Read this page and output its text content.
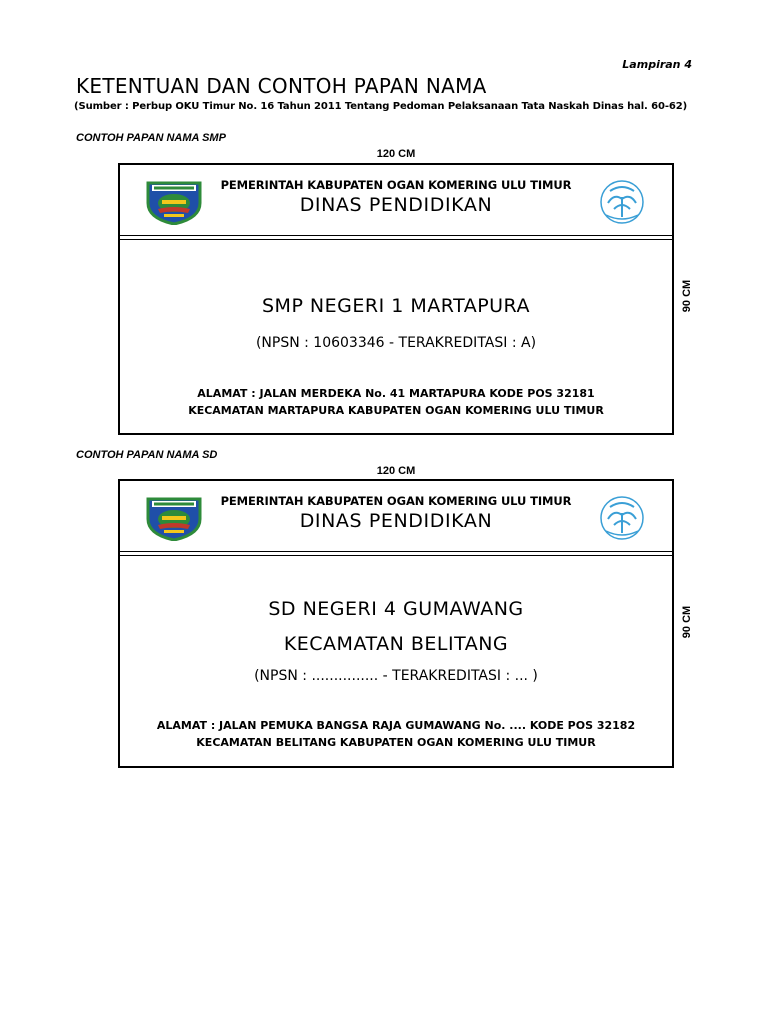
Lampiran 4
KETENTUAN DAN CONTOH PAPAN NAMA
(Sumber : Perbup OKU Timur No. 16 Tahun 2011 Tentang Pedoman Pelaksanaan Tata Naskah Dinas hal. 60-62)
CONTOH PAPAN NAMA SMP
120 CM
90 CM
PEMERINTAH KABUPATEN OGAN KOMERING ULU TIMUR
DINAS PENDIDIKAN
SMP NEGERI 1 MARTAPURA
(NPSN : 10603346 - TERAKREDITASI : A)
ALAMAT : JALAN MERDEKA No. 41 MARTAPURA KODE POS 32181
KECAMATAN MARTAPURA KABUPATEN OGAN KOMERING ULU TIMUR
CONTOH PAPAN NAMA SD
120 CM
90 CM
PEMERINTAH KABUPATEN OGAN KOMERING ULU TIMUR
DINAS PENDIDIKAN
SD NEGERI 4 GUMAWANG
KECAMATAN BELITANG
(NPSN : ............... - TERAKREDITASI : ... )
ALAMAT : JALAN PEMUKA BANGSA RAJA GUMAWANG No. .... KODE POS 32182
KECAMATAN BELITANG KABUPATEN OGAN KOMERING ULU TIMUR
